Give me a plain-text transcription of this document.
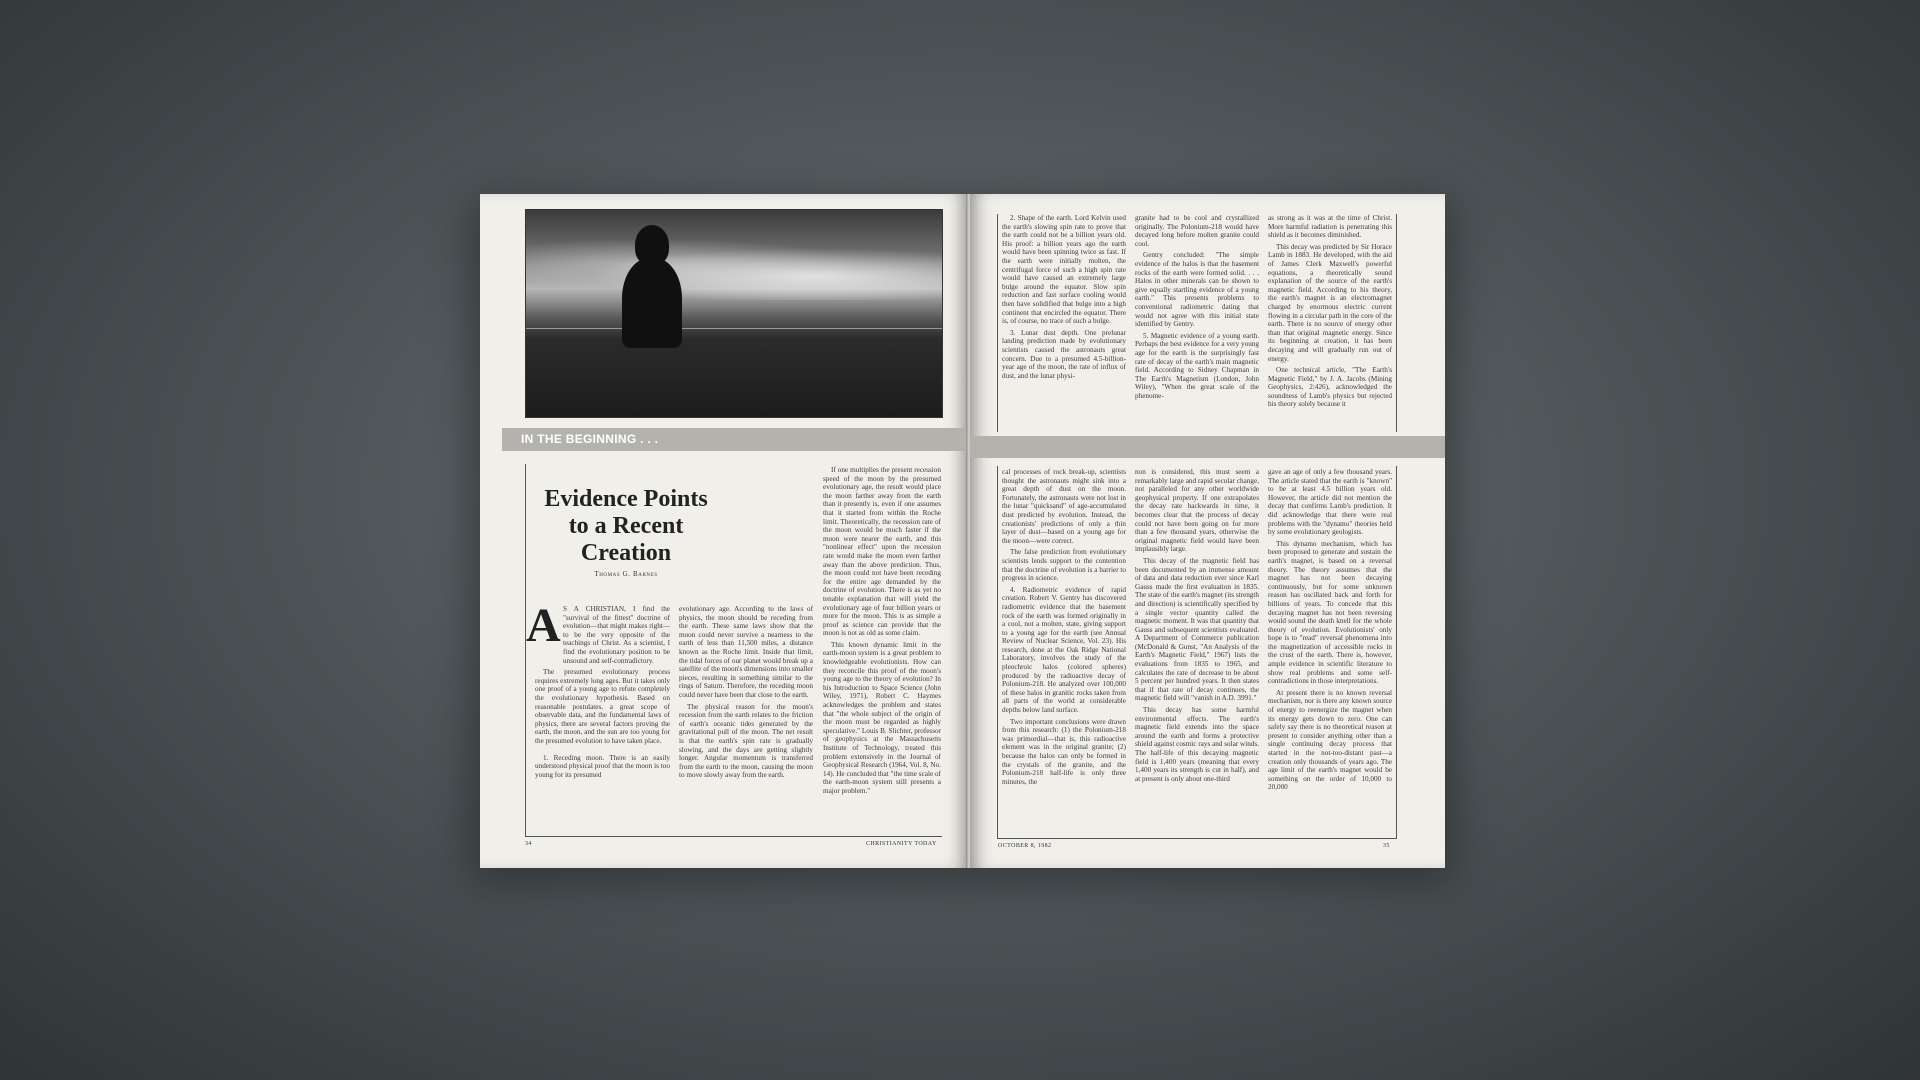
IN THE BEGINNING . . .
Evidence Points to a Recent Creation
Thomas G. Barnes
A S A CHRISTIAN, I find the "survival of the fittest" doctrine of evolution—that might makes right—to be the very opposite of the teachings of Christ. As a scientist, I find the evolutionary position to be unsound and self-contradictory.

The presumed evolutionary process requires extremely long ages. But it takes only one proof of a young age to refute completely the evolutionary hypothesis. Based on reasonable postulates, a great scope of observable data, and the fundamental laws of physics, there are several factors proving the earth, the moon, and the sun are too young for the presumed evolution to have taken place.

1. Receding moon. There is an easily understood physical proof that the moon is too young for its presumed

evolutionary age. According to the laws of physics, the moon should be receding from the earth. These same laws show that the moon could never survive a nearness to the earth of less than 11,500 miles, a distance known as the Roche limit. Inside that limit, the tidal forces of our planet would break up a satellite of the moon's dimensions into smaller pieces, resulting in something similar to the rings of Saturn. Therefore, the receding moon could never have been that close to the earth.

The physical reason for the moon's recession from the earth relates to the friction of earth's oceanic tides generated by the gravitational pull of the moon. The net result is that the earth's spin rate is gradually slowing, and the days are getting slightly longer. Angular momentum is transferred from the earth to the moon, causing the moon to move slowly away from the earth.

If one multiplies the present recession speed of the moon by the presumed evolutionary age, the result would place the moon farther away from the earth than it presently is, even if one assumes that it started from within the Roche limit. Theoretically, the recession rate of the moon would be much faster if the moon were nearer the earth, and this "nonlinear effect" upon the recession rate would make the moon even farther away than the above prediction. Thus, the moon could not have been receding for the entire age demanded by the doctrine of evolution. There is as yet no tenable explanation that will yield the evolutionary age of four billion years or more for the moon. This is as simple a proof as science can provide that the moon is not as old as some claim.

This known dynamic limit in the earth-moon system is a great problem to knowledgeable evolutionists. How can they reconcile this proof of the moon's young age to the theory of evolution? In his Introduction to Space Science (John Wiley, 1971), Robert C. Haymes acknowledges the problem and states that "the whole subject of the origin of the moon must be regarded as highly speculative." Louis B. Slichter, professor of geophysics at the Massachusetts Institute of Technology, treated this problem extensively in the Journal of Geophysical Research (1964, Vol. 8, No. 14). He concluded that "the time scale of the earth-moon system still presents a major problem."

34	CHRISTIANITY TODAY

2. Shape of the earth. Lord Kelvin used the earth's slowing spin rate to prove that the earth could not be a billion years old. His proof: a billion years ago the earth would have been spinning twice as fast. If the earth were initially molten, the centrifugal force of such a high spin rate would have caused an extremely large bulge around the equator. Slow spin reduction and fast surface cooling would then have solidified that bulge into a high continent that encircled the equator. There is, of course, no trace of such a bulge.

3. Lunar dust depth. One prelunar landing prediction made by evolutionary scientists caused the astronauts great concern. Due to a presumed 4.5-billion-year age of the moon, the rate of influx of dust, and the lunar physi-

granite had to be cool and crystallized originally. The Polonium-218 would have decayed long before molten granite could cool.

Gentry concluded: "The simple evidence of the halos is that the basement rocks of the earth were formed solid. . . . Halos in other minerals can be shown to give equally startling evidence of a young earth." This presents problems to conventional radiometric dating that would not agree with this initial state identified by Gentry.

5. Magnetic evidence of a young earth. Perhaps the best evidence for a very young age for the earth is the surprisingly fast rate of decay of the earth's main magnetic field. According to Sidney Chapman in The Earth's Magnetism (London, John Wiley), "When the great scale of the phenome-

as strong as it was at the time of Christ. More harmful radiation is penetrating this shield as it becomes diminished.

This decay was predicted by Sir Horace Lamb in 1883. He developed, with the aid of James Clerk Maxwell's powerful equations, a theoretically sound explanation of the source of the earth's magnetic field. According to his theory, the earth's magnet is an electromagnet charged by enormous electric current flowing in a circular path in the core of the earth. There is no source of energy other than that original magnetic energy. Since its beginning at creation, it has been decaying and will gradually run out of energy.

One technical article, "The Earth's Magnetic Field," by J. A. Jacobs (Mining Geophysics, 2:426), acknowledged the soundness of Lamb's physics but rejected his theory solely because it

cal processes of rock break-up, scientists thought the astronauts might sink into a great depth of dust on the moon. Fortunately, the astronauts were not lost in the lunar "quicksand" of age-accumulated dust predicted by evolution. Instead, the creationists' predictions of only a thin layer of dust—based on a young age for the moon—were correct.

The false prediction from evolutionary scientists lends support to the contention that the doctrine of evolution is a barrier to progress in science.

4. Radiometric evidence of rapid creation. Robert V. Gentry has discovered radiometric evidence that the basement rock of the earth was formed originally in a cool, not a molten, state, giving support to a young age for the earth (see Annual Review of Nuclear Science, Vol. 23). His research, done at the Oak Ridge National Laboratory, involves the study of the pleochroic halos (colored spheres) produced by the radioactive decay of Polonium-218. He analyzed over 100,000 of these halos in granitic rocks taken from all parts of the world at considerable depths below land surface.

Two important conclusions were drawn from this research: (1) the Polonium-218 was primordial—that is, this radioactive element was in the original granite; (2) because the halos can only be formed in the crystals of the granite, and the Polonium-218 half-life is only three minutes, the

non is considered, this must seem a remarkably large and rapid secular change, not paralleled for any other worldwide geophysical property. If one extrapolates the decay rate backwards in time, it becomes clear that the process of decay could not have been going on for more than a few thousand years, otherwise the original magnetic field would have been implausibly large.

This decay of the magnetic field has been documented by an immense amount of data and data reduction ever since Karl Gauss made the first evaluation in 1835. The state of the earth's magnet (its strength and direction) is scientifically specified by a single vector quantity called the magnetic moment. It was that quantity that Gauss and subsequent scientists evaluated. A Department of Commerce publication (McDonald & Gunst, "An Analysis of the Earth's Magnetic Field," 1967) lists the evaluations from 1835 to 1965, and calculates the rate of decrease to be about 5 percent per hundred years. It then states that if that rate of decay continues, the magnetic field will "vanish in A.D. 3991."

This decay has some harmful environmental effects. The earth's magnetic field extends into the space around the earth and forms a protective shield against cosmic rays and solar winds. The half-life of this decaying magnetic field is 1,400 years (meaning that every 1,400 years its strength is cut in half), and at present is only about one-third

gave an age of only a few thousand years. The article stated that the earth is "known" to be at least 4.5 billion years old. However, the article did not mention the decay that confirms Lamb's prediction. It did acknowledge that there were real problems with the "dynamo" theories held by some evolutionary geologists.

This dynamo mechanism, which has been proposed to generate and sustain the earth's magnet, is based on a reversal theory. The theory assumes that the magnet has not been decaying continuously, but for some unknown reason has oscillated back and forth for billions of years. To concede that this decaying magnet has not been reversing would sound the death knell for the whole theory of evolution. Evolutionists' only hope is to "read" reversal phenomena into the magnetization of accessible rocks in the crust of the earth. There is, however, ample evidence in scientific literature to show real problems and some self-contradictions in those interpretations.

At present there is no known reversal mechanism, nor is there any known source of energy to reenergize the magnet when its energy gets down to zero. One can safely say there is no theoretical reason at present to consider anything other than a single continuing decay process that started in the not-too-distant past—a creation only thousands of years ago. The age limit of the earth's magnet would be something on the order of 10,000 to 20,000

OCTOBER 8, 1982	35
